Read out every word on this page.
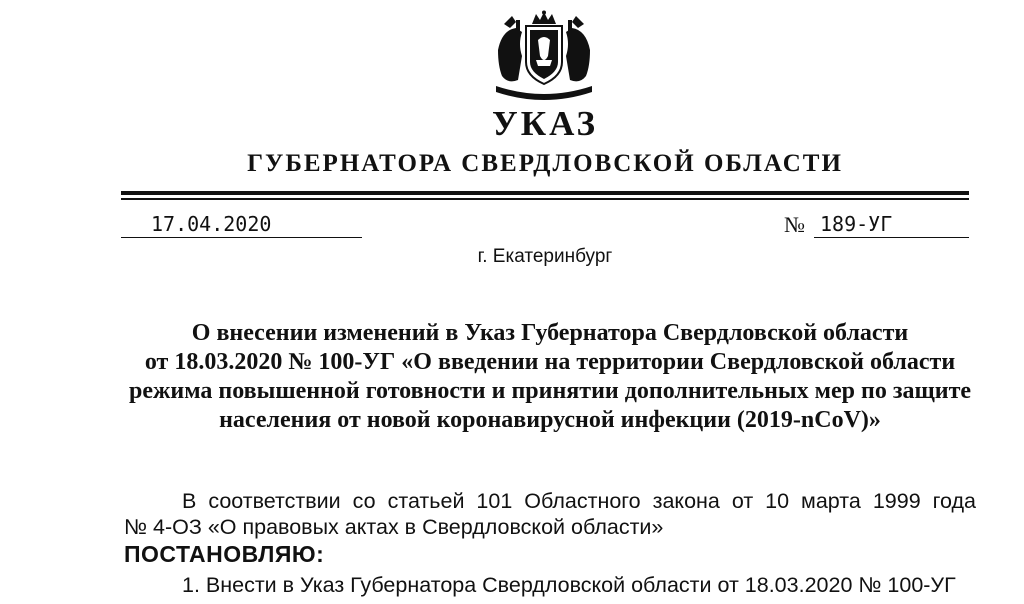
УКАЗ
ГУБЕРНАТОРА СВЕРДЛОВСКОЙ ОБЛАСТИ
17.04.2020	№ 189-УГ
г. Екатеринбург
О внесении изменений в Указ Губернатора Свердловской области
от 18.03.2020 № 100-УГ «О введении на территории Свердловской области
режима повышенной готовности и принятии дополнительных мер по защите
населения от новой коронавирусной инфекции (2019-nCoV)»
В соответствии со статьей 101 Областного закона от 10 марта 1999 года
№ 4-ОЗ «О правовых актах в Свердловской области»
ПОСТАНОВЛЯЮ:
1. Внести в Указ Губернатора Свердловской области от 18.03.2020 № 100-УГ
